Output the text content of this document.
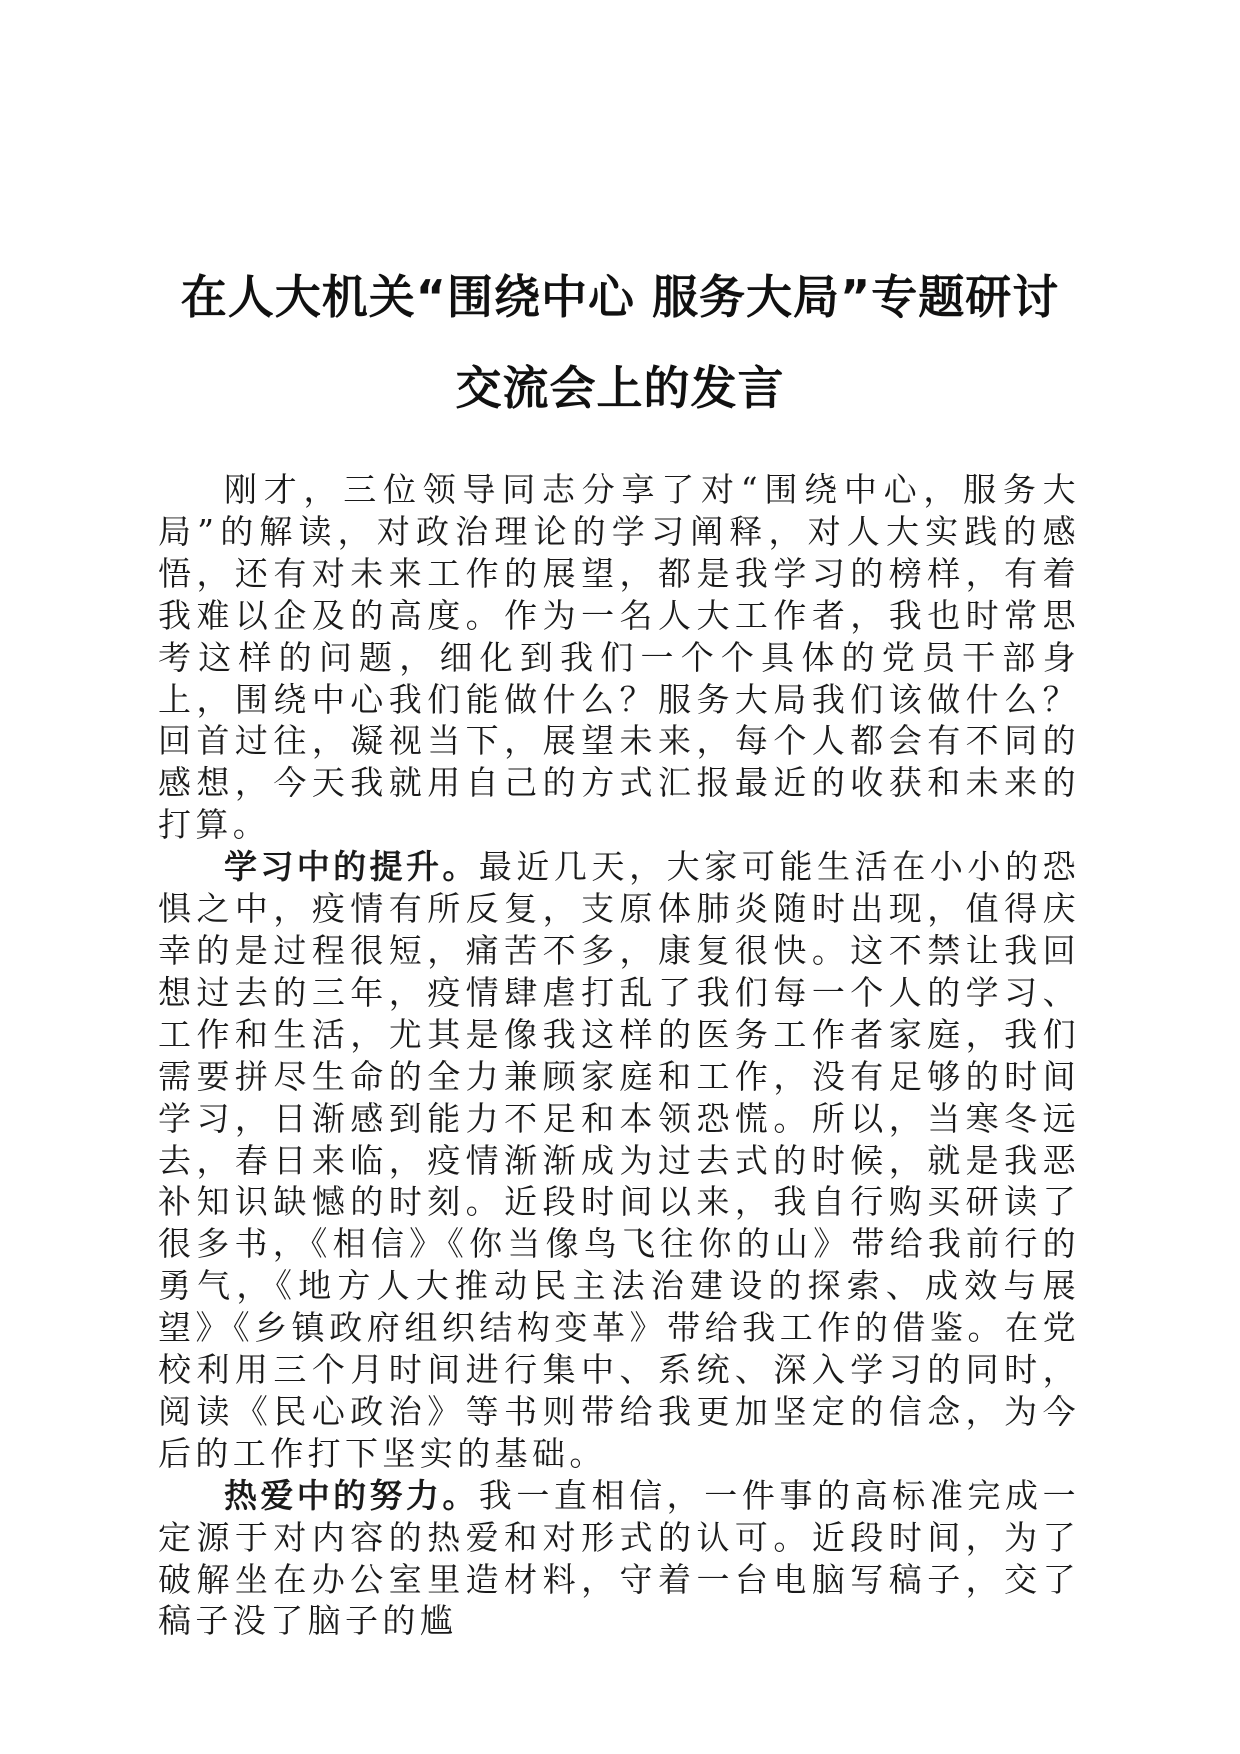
在人大机关“围绕中心 服务大局”专题研讨
交流会上的发言

刚才，三位领导同志分享了对“围绕中心，服务大局”的解读，对政治理论的学习阐释，对人大实践的感悟，还有对未来工作的展望，都是我学习的榜样，有着我难以企及的高度。作为一名人大工作者，我也时常思考这样的问题，细化到我们一个个具体的党员干部身上，围绕中心我们能做什么？服务大局我们该做什么？回首过往，凝视当下，展望未来，每个人都会有不同的感想，今天我就用自己的方式汇报最近的收获和未来的打算。

学习中的提升。最近几天，大家可能生活在小小的恐惧之中，疫情有所反复，支原体肺炎随时出现，值得庆幸的是过程很短，痛苦不多，康复很快。这不禁让我回想过去的三年，疫情肆虐打乱了我们每一个人的学习、工作和生活，尤其是像我这样的医务工作者家庭，我们需要拼尽生命的全力兼顾家庭和工作，没有足够的时间学习，日渐感到能力不足和本领恐慌。所以，当寒冬远去，春日来临，疫情渐渐成为过去式的时候，就是我恶补知识缺憾的时刻。近段时间以来，我自行购买研读了很多书，《相信》《你当像鸟飞往你的山》带给我前行的勇气，《地方人大推动民主法治建设的探索、成效与展望》《乡镇政府组织结构变革》带给我工作的借鉴。在党校利用三个月时间进行集中、系统、深入学习的同时，阅读《民心政治》等书则带给我更加坚定的信念，为今后的工作打下坚实的基础。

热爱中的努力。我一直相信，一件事的高标准完成一定源于对内容的热爱和对形式的认可。近段时间，为了破解坐在办公室里造材料，守着一台电脑写稿子，交了稿子没了脑子的尴
